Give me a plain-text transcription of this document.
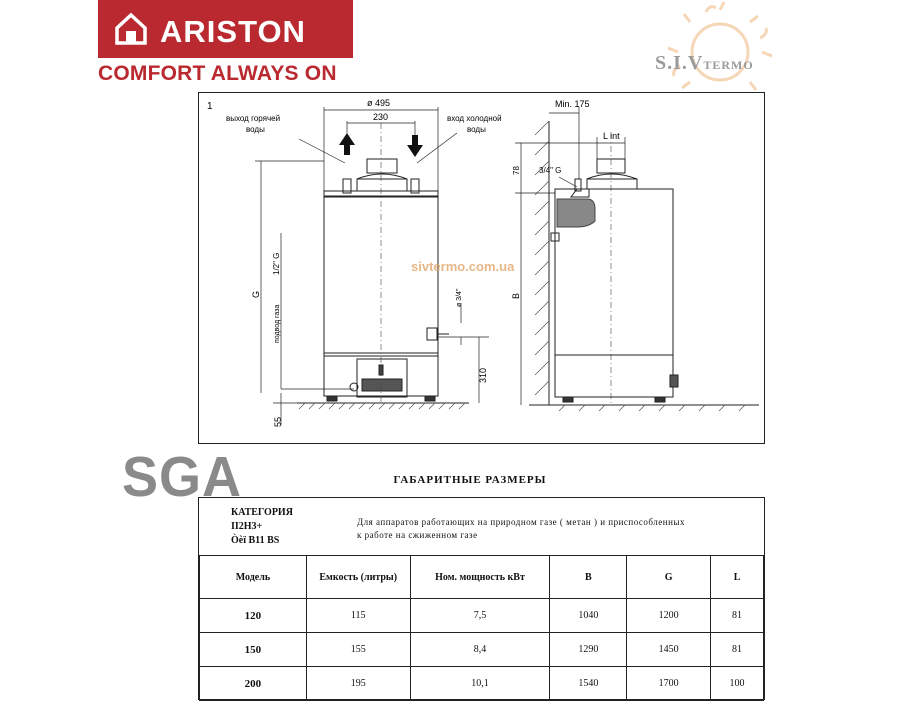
ARISTON
COMFORT ALWAYS ON	S.I.VTERMO
1	ø 495
230
выход горячей
воды
вход холодной
воды
G
1/2" G
подвод газа
55
ø 3/4"
310
Min. 175
L int
3/4" G
78
B
sivtermo.com.ua
SGA	ГАБАРИТНЫЕ РАЗМЕРЫ
КАТЕГОРИЯ
II2H3+
Òèï B11 BS
Для аппаратов работающих на природном газе ( метан ) и приспособленных
к работе на сжиженном газе
Модель	Емкость (литры)	Ном. мощность кВт	B	G	L
120	115	7,5	1040	1200	81
150	155	8,4	1290	1450	81
200	195	10,1	1540	1700	100
